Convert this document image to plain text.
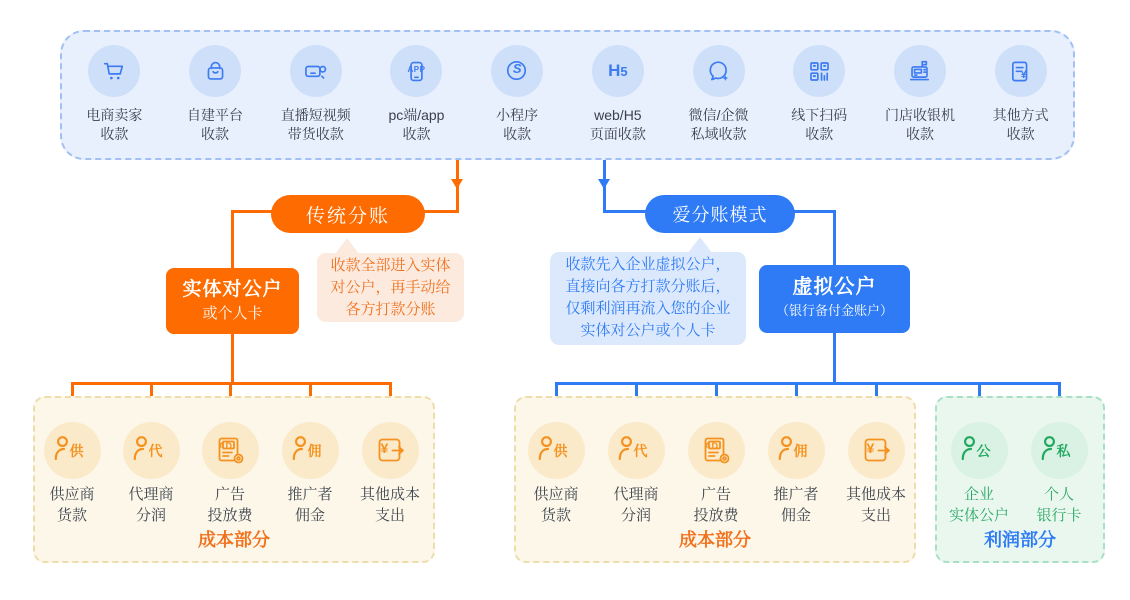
电商卖家
收款
自建平台
收款
直播短视频
带货收款
APP
pc端/app
收款
S
小程序
收款
H 5
web/H5
页面收款
微信/企微
私域收款
线下扫码
收款
门店收银机
收款
¥
其他方式
收款
传统分账	爱分账模式
实体对公户
或个人卡
虚拟公户
（银行备付金账户）
收款全部进入实体
对公户，再手动给
各方打款分账
收款先入企业虚拟公户，
直接向各方打款分账后，
仅剩利润再流入您的企业
实体对公户或个人卡
成本部分	成本部分	利润部分
供
供应商
货款
代
代理商
分润
AD
广告
投放费
佣
推广者
佣金
¥
其他成本
支出
供
供应商
货款
代
代理商
分润
AD
广告
投放费
佣
推广者
佣金
¥
其他成本
支出
公
企业
实体公户
私
个人
银行卡
